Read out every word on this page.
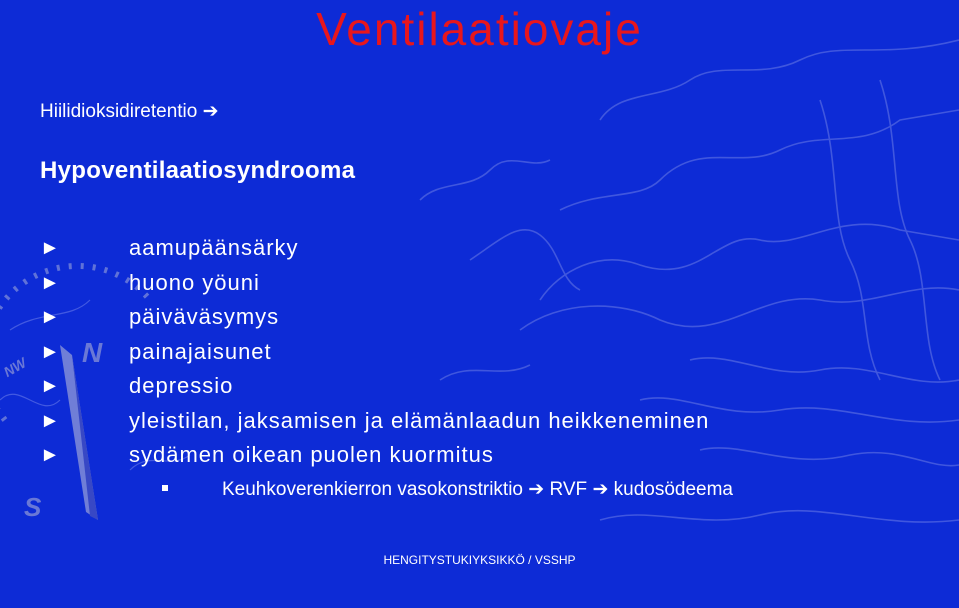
N
S
NW
Ventilaatiovaje
Hiilidioksidiretentio ➔
Hypoventilaatiosyndrooma
►	aamupäänsärky
►	huono yöuni
►	päiväväsymys
►	painajaisunet
►	depressio
►	yleistilan, jaksamisen ja elämänlaadun heikkeneminen
►	sydämen oikean puolen kuormitus
Keuhkoverenkierron vasokonstriktio ➔ RVF ➔ kudosödeema
HENGITYSTUKIYKSIKKÖ / VSSHP
